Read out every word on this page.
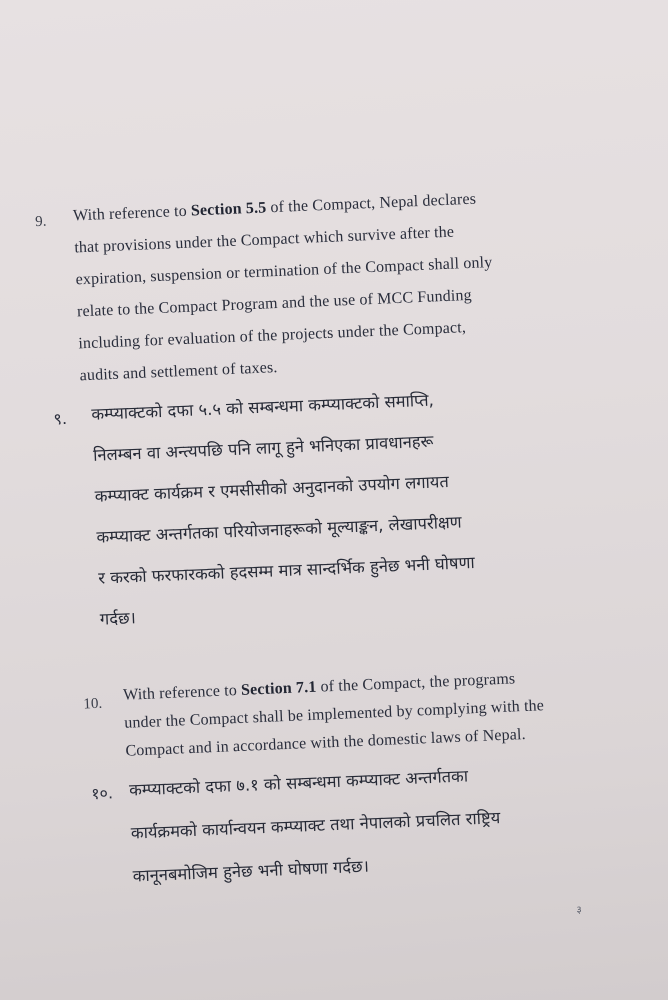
9. With reference to Section 5.5 of the Compact, Nepal declares
that provisions under the Compact which survive after the
expiration, suspension or termination of the Compact shall only
relate to the Compact Program and the use of MCC Funding
including for evaluation of the projects under the Compact,
audits and settlement of taxes.
९. कम्प्याक्टको दफा ५.५ को सम्बन्धमा कम्प्याक्टको समाप्ति,
निलम्बन वा अन्त्यपछि पनि लागू हुने भनिएका प्रावधानहरू
कम्प्याक्ट कार्यक्रम र एमसीसीको अनुदानको उपयोग लगायत
कम्प्याक्ट अन्तर्गतका परियोजनाहरूको मूल्याङ्कन, लेखापरीक्षण
र करको फरफारकको हदसम्म मात्र सान्दर्भिक हुनेछ भनी घोषणा
गर्दछ।
10.
With reference to Section 7.1 of the Compact, the programs
under the Compact shall be implemented by complying with the
Compact and in accordance with the domestic laws of Nepal.
१०. कम्प्याक्टको दफा ७.१ को सम्बन्धमा कम्प्याक्ट अन्तर्गतका
कार्यक्रमको कार्यान्वयन कम्प्याक्ट तथा नेपालको प्रचलित राष्ट्रिय
कानूनबमोजिम हुनेछ भनी घोषणा गर्दछ।
३
